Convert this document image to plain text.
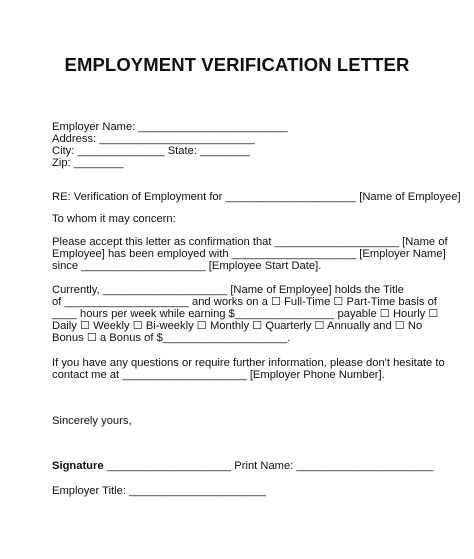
EMPLOYMENT VERIFICATION LETTER
Employer Name: ________________________
Address: _________________________
City: ______________ State: ________
Zip: ________
RE: Verification of Employment for _____________________ [Name of Employee]
To whom it may concern:
Please accept this letter as confirmation that ____________________ [Name of
Employee] has been employed with ____________________ [Employer Name]
since ____________________ [Employee Start Date].
Currently, ____________________ [Name of Employee] holds the Title
of ____________________ and works on a ☐ Full-Time ☐ Part-Time basis of
____ hours per week while earning $________________ payable ☐ Hourly ☐
Daily ☐ Weekly ☐ Bi-weekly ☐ Monthly ☐ Quarterly ☐ Annually and ☐ No
Bonus ☐ a Bonus of $____________________.
If you have any questions or require further information, please don't hesitate to
contact me at ____________________ [Employer Phone Number].
Sincerely yours,
Signature ____________________ Print Name: ______________________
Employer Title: ______________________
